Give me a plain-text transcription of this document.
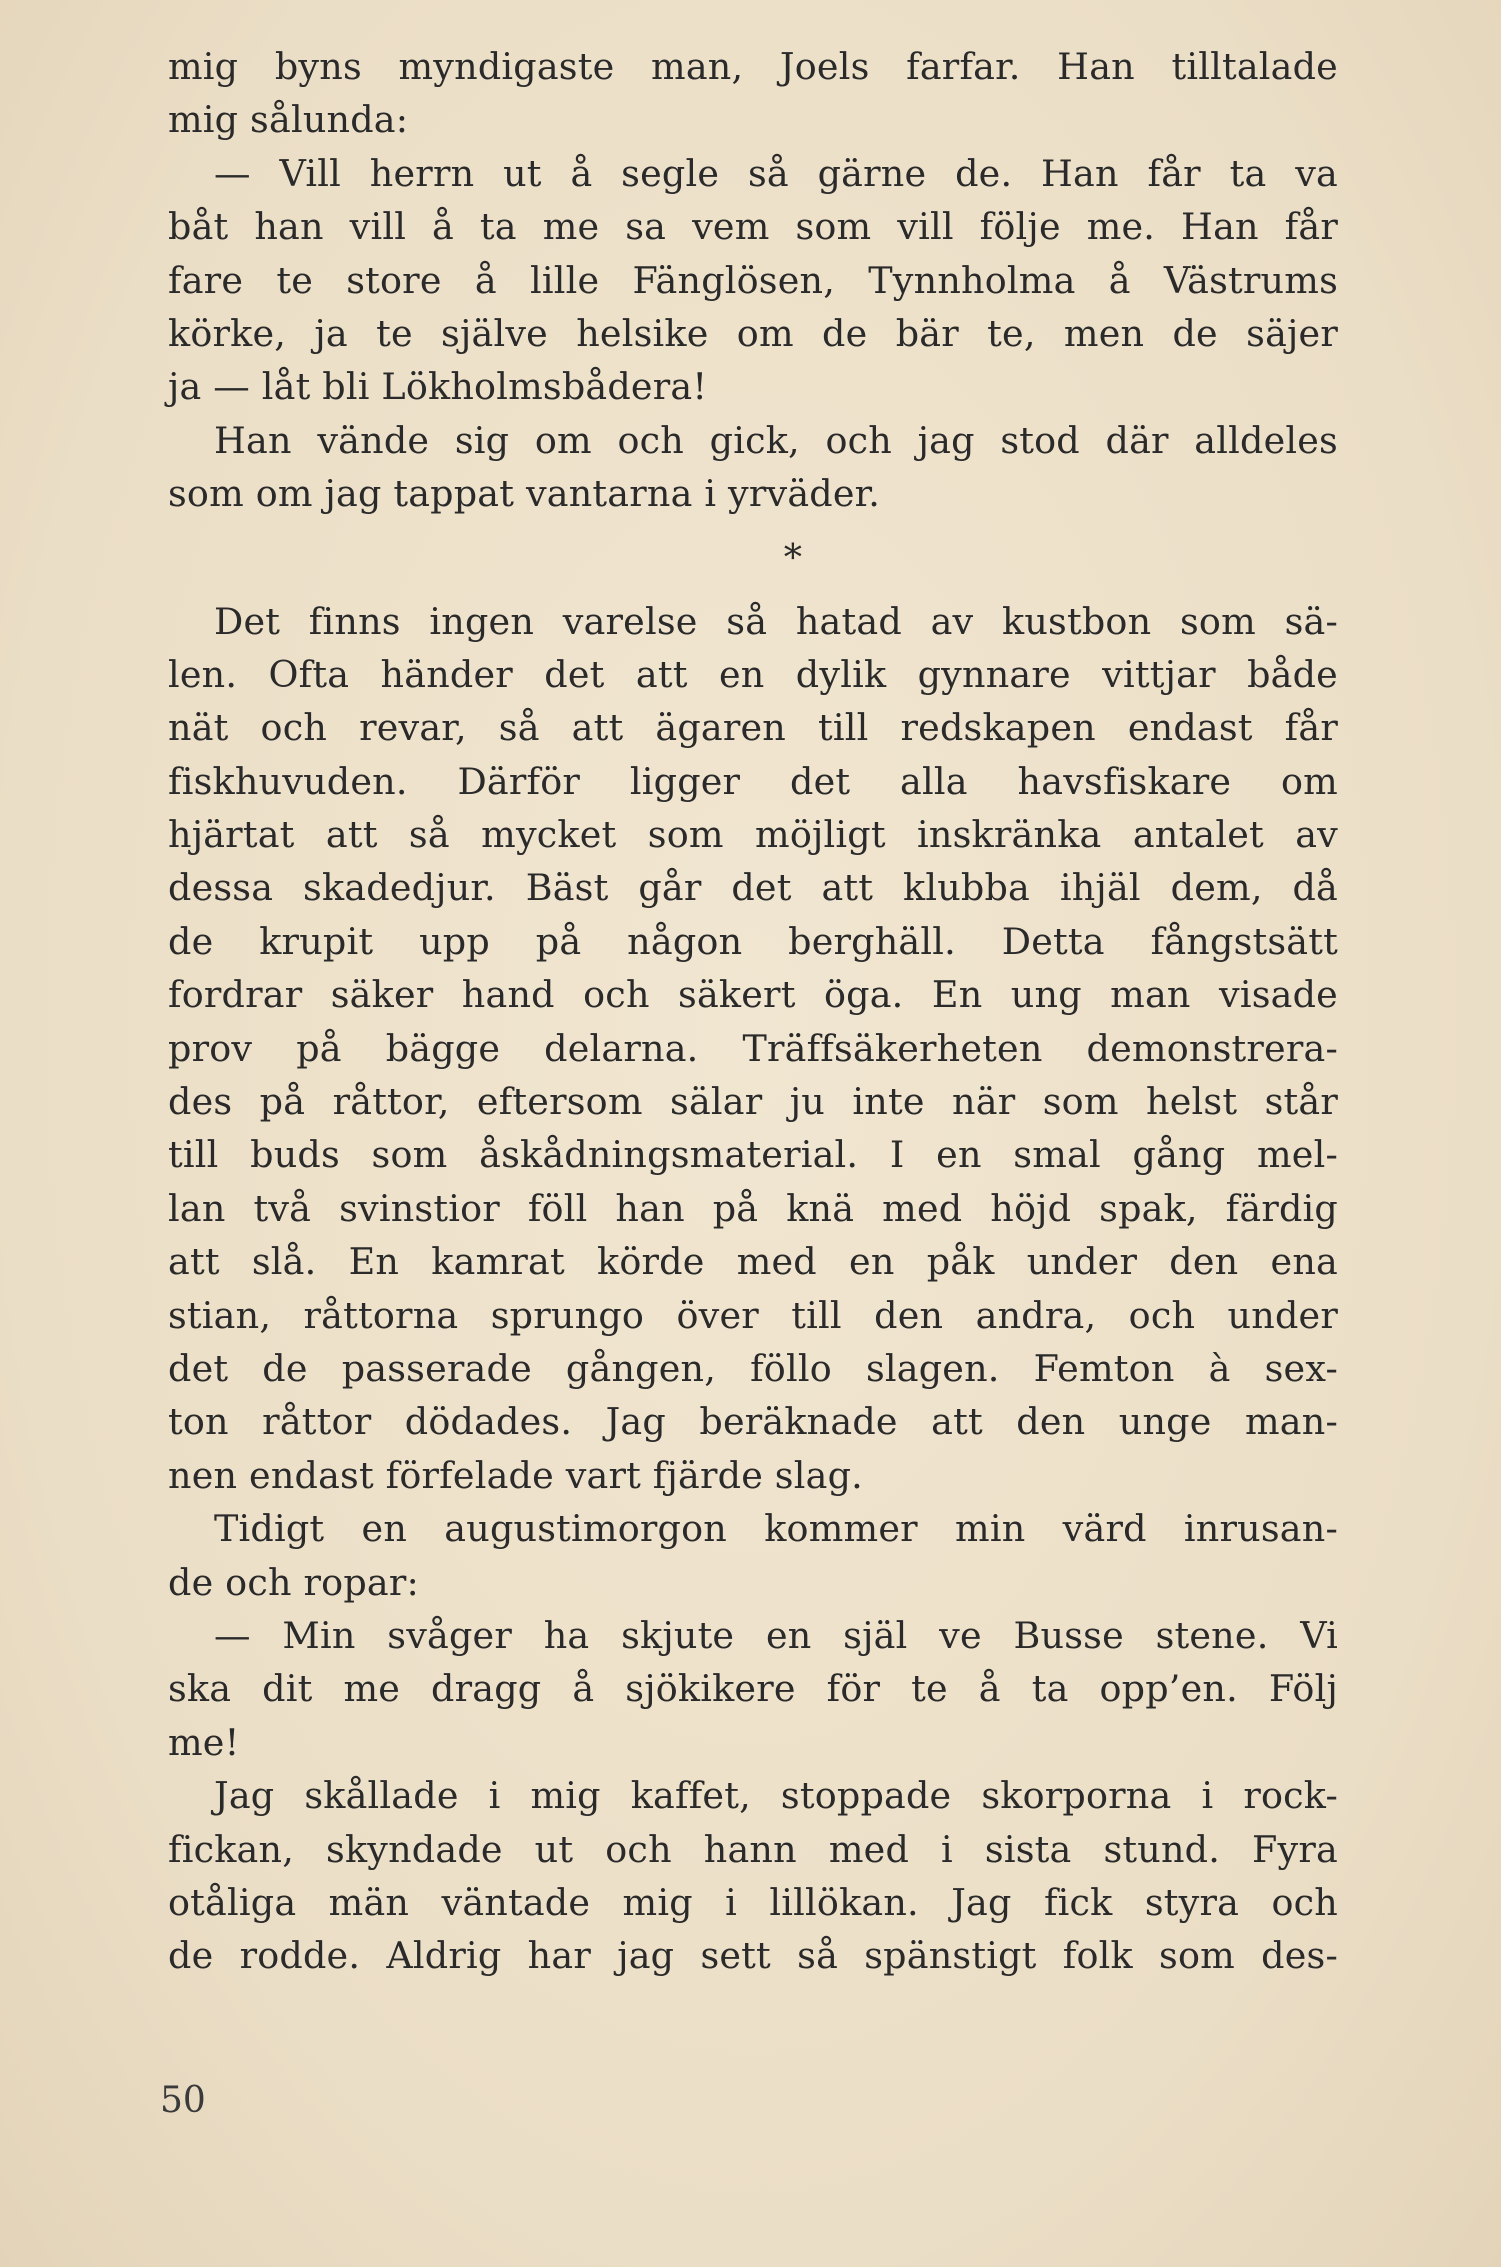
mig byns myndigaste man, Joels farfar. Han tilltalade
mig sålunda:
— Vill herrn ut å segle så gärne de. Han får ta va
båt han vill å ta me sa vem som vill följe me. Han får
fare te store å lille Fänglösen, Tynnholma å Västrums
körke, ja te själve helsike om de bär te, men de säjer
ja — låt bli Lökholmsbådera!
Han vände sig om och gick, och jag stod där alldeles
som om jag tappat vantarna i yrväder.
*
Det finns ingen varelse så hatad av kustbon som sä-
len. Ofta händer det att en dylik gynnare vittjar både
nät och revar, så att ägaren till redskapen endast får
fiskhuvuden. Därför ligger det alla havsfiskare om
hjärtat att så mycket som möjligt inskränka antalet av
dessa skadedjur. Bäst går det att klubba ihjäl dem, då
de krupit upp på någon berghäll. Detta fångstsätt
fordrar säker hand och säkert öga. En ung man visade
prov på bägge delarna. Träffsäkerheten demonstrera-
des på råttor, eftersom sälar ju inte när som helst står
till buds som åskådningsmaterial. I en smal gång mel-
lan två svinstior föll han på knä med höjd spak, färdig
att slå. En kamrat körde med en påk under den ena
stian, råttorna sprungo över till den andra, och under
det de passerade gången, föllo slagen. Femton à sex-
ton råttor dödades. Jag beräknade att den unge man-
nen endast förfelade vart fjärde slag.
Tidigt en augustimorgon kommer min värd inrusan-
de och ropar:
— Min svåger ha skjute en själ ve Busse stene. Vi
ska dit me dragg å sjökikere för te å ta opp’en. Följ
me!
Jag skållade i mig kaffet, stoppade skorporna i rock-
fickan, skyndade ut och hann med i sista stund. Fyra
otåliga män väntade mig i lillökan. Jag fick styra och
de rodde. Aldrig har jag sett så spänstigt folk som des-
50
